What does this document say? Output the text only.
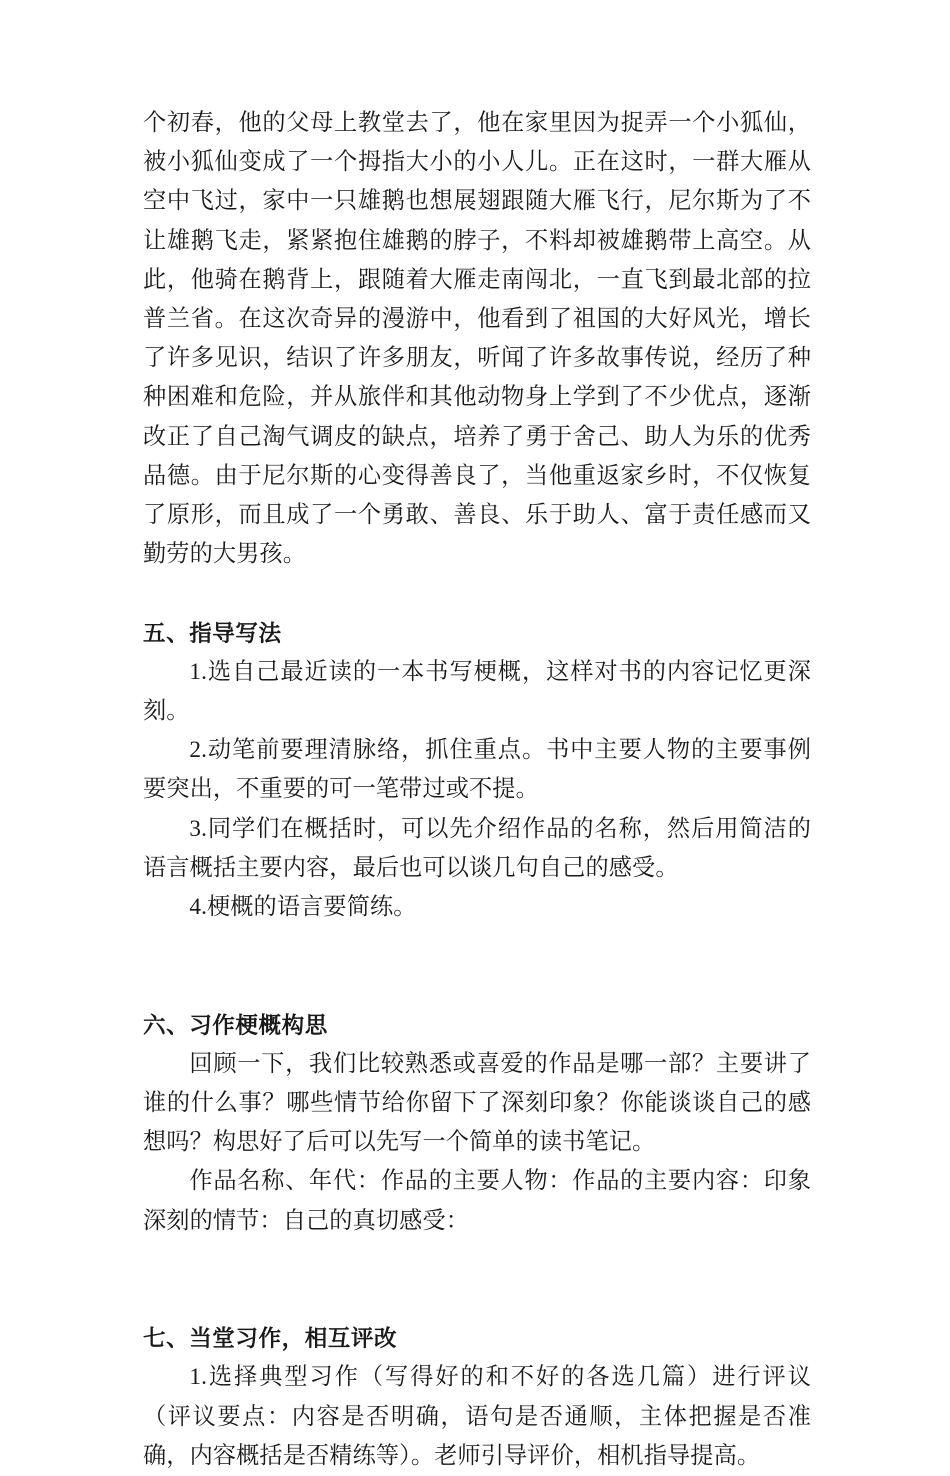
个初春，他的父母上教堂去了，他在家里因为捉弄一个小狐仙，被小狐仙变成了一个拇指大小的小人儿。正在这时，一群大雁从空中飞过，家中一只雄鹅也想展翅跟随大雁飞行，尼尔斯为了不让雄鹅飞走，紧紧抱住雄鹅的脖子，不料却被雄鹅带上高空。从此，他骑在鹅背上，跟随着大雁走南闯北，一直飞到最北部的拉普兰省。在这次奇异的漫游中，他看到了祖国的大好风光，增长了许多见识，结识了许多朋友，听闻了许多故事传说，经历了种种困难和危险，并从旅伴和其他动物身上学到了不少优点，逐渐改正了自己淘气调皮的缺点，培养了勇于舍己、助人为乐的优秀品德。由于尼尔斯的心变得善良了，当他重返家乡时，不仅恢复了原形，而且成了一个勇敢、善良、乐于助人、富于责任感而又勤劳的大男孩。

五、指导写法

1.选自己最近读的一本书写梗概，这样对书的内容记忆更深刻。

2.动笔前要理清脉络，抓住重点。书中主要人物的主要事例要突出，不重要的可一笔带过或不提。

3.同学们在概括时，可以先介绍作品的名称，然后用简洁的语言概括主要内容，最后也可以谈几句自己的感受。

4.梗概的语言要简练。

六、习作梗概构思

回顾一下，我们比较熟悉或喜爱的作品是哪一部？主要讲了谁的什么事？哪些情节给你留下了深刻印象？你能谈谈自己的感想吗？构思好了后可以先写一个简单的读书笔记。

作品名称、年代：作品的主要人物：作品的主要内容：印象深刻的情节：自己的真切感受：

七、当堂习作，相互评改

1.选择典型习作（写得好的和不好的各选几篇）进行评议（评议要点：内容是否明确，语句是否通顺，主体把握是否准确，内容概括是否精练等）。老师引导评价，相机指导提高。
